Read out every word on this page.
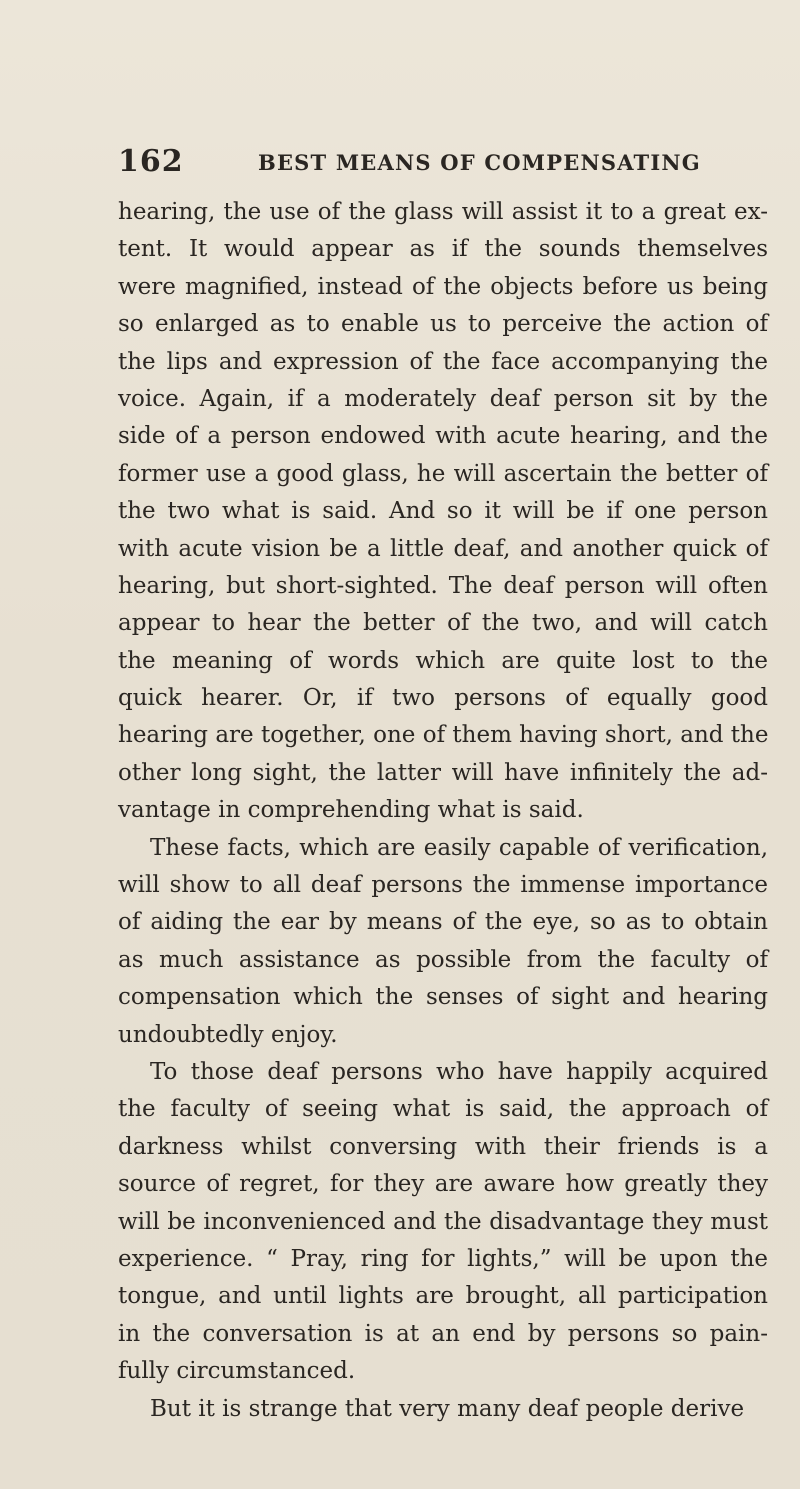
162	BEST MEANS OF COMPENSATING
hearing, the use of the glass will assist it to a great ex-
tent. It would appear as if the sounds themselves
were magnified, instead of the objects before us being
so enlarged as to enable us to perceive the action of
the lips and expression of the face accompanying the
voice. Again, if a moderately deaf person sit by the
side of a person endowed with acute hearing, and the
former use a good glass, he will ascertain the better of
the two what is said. And so it will be if one person
with acute vision be a little deaf, and another quick of
hearing, but short-sighted. The deaf person will often
appear to hear the better of the two, and will catch
the meaning of words which are quite lost to the
quick hearer. Or, if two persons of equally good
hearing are together, one of them having short, and the
other long sight, the latter will have infinitely the ad-
vantage in comprehending what is said.
These facts, which are easily capable of verification,
will show to all deaf persons the immense importance
of aiding the ear by means of the eye, so as to obtain
as much assistance as possible from the faculty of
compensation which the senses of sight and hearing
undoubtedly enjoy.
To those deaf persons who have happily acquired
the faculty of seeing what is said, the approach of
darkness whilst conversing with their friends is a
source of regret, for they are aware how greatly they
will be inconvenienced and the disadvantage they must
experience. “ Pray, ring for lights,” will be upon the
tongue, and until lights are brought, all participation
in the conversation is at an end by persons so pain-
fully circumstanced.
But it is strange that very many deaf people derive
